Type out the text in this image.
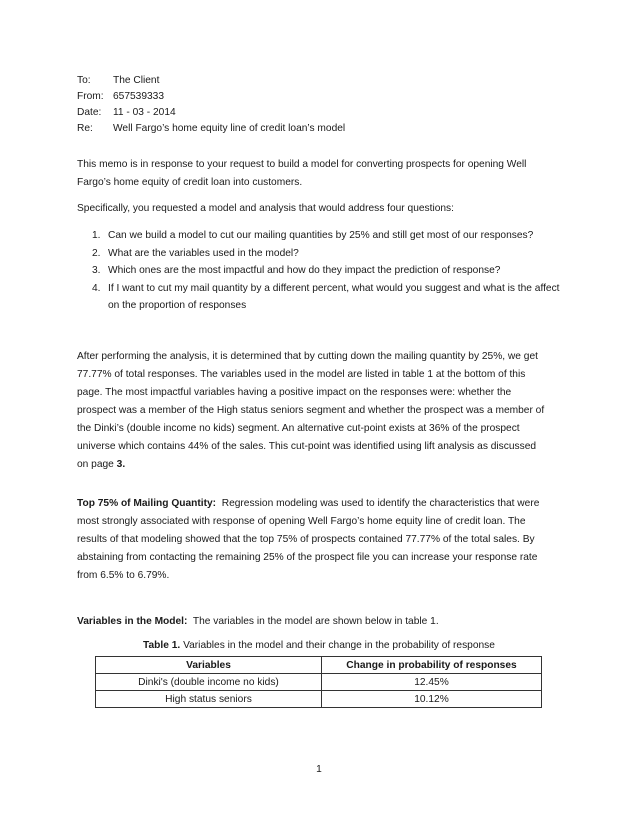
To:	The Client
From: 657539333
Date:	11 - 03 - 2014
Re:	Well Fargo’s home equity line of credit loan’s model

This memo is in response to your request to build a model for converting prospects for opening Well Fargo’s home equity of credit loan into customers.

Specifically, you requested a model and analysis that would address four questions:

1. Can we build a model to cut our mailing quantities by 25% and still get most of our responses?
2. What are the variables used in the model?
3. Which ones are the most impactful and how do they impact the prediction of response?
4. If I want to cut my mail quantity by a different percent, what would you suggest and what is the affect on the proportion of responses

After performing the analysis, it is determined that by cutting down the mailing quantity by 25%, we get 77.77% of total responses. The variables used in the model are listed in table 1 at the bottom of this page. The most impactful variables having a positive impact on the responses were: whether the prospect was a member of the High status seniors segment and whether the prospect was a member of the Dinki’s (double income no kids) segment. An alternative cut-point exists at 36% of the prospect universe which contains 44% of the sales. This cut-point was identified using lift analysis as discussed on page 3.

Top 75% of Mailing Quantity: Regression modeling was used to identify the characteristics that were most strongly associated with response of opening Well Fargo’s home equity line of credit loan. The results of that modeling showed that the top 75% of prospects contained 77.77% of the total sales. By abstaining from contacting the remaining 25% of the prospect file you can increase your response rate from 6.5% to 6.79%.

Variables in the Model: The variables in the model are shown below in table 1.

Table 1. Variables in the model and their change in the probability of response
Variables	Change in probability of responses
Dinki's (double income no kids)	12.45%
High status seniors	10.12%
1
